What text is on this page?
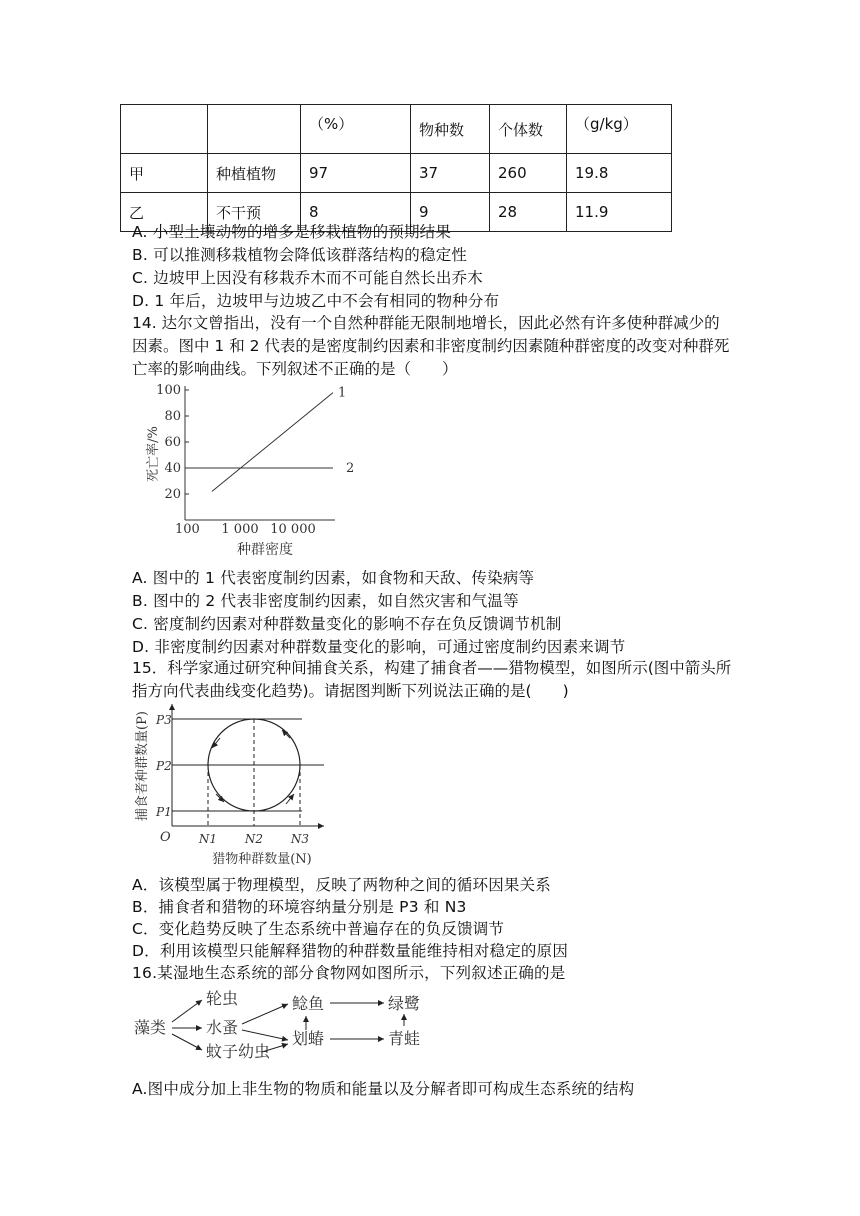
		（%）	物种数	个体数	（g/kg）
甲	种植植物	97	37	260	19.8
乙	不干预	8	9	28	11.9
A. 小型土壤动物的增多是移栽植物的预期结果
B. 可以推测移栽植物会降低该群落结构的稳定性
C. 边坡甲上因没有移栽乔木而不可能自然长出乔木
D. 1 年后，边坡甲与边坡乙中不会有相同的物种分布
14. 达尔文曾指出，没有一个自然种群能无限制地增长，因此必然有许多使种群减少的因素。图中 1 和 2 代表的是密度制约因素和非密度制约因素随种群密度的改变对种群死亡率的影响曲线。下列叙述不正确的是（　　）
20
40
60
80
100
死亡率/%
100 1 000 10 000
种群密度
1
2
A. 图中的 1 代表密度制约因素，如食物和天敌、传染病等
B. 图中的 2 代表非密度制约因素，如自然灾害和气温等
C. 密度制约因素对种群数量变化的影响不存在负反馈调节机制
D. 非密度制约因素对种群数量变化的影响，可通过密度制约因素来调节
15．科学家通过研究种间捕食关系，构建了捕食者——猎物模型，如图所示(图中箭头所指方向代表曲线变化趋势)。请据图判断下列说法正确的是(　　)
捕食者种群数量(P) P3
P2
P1
O N1 N2 N3
猎物种群数量(N)
A．该模型属于物理模型，反映了两物种之间的循环因果关系
B．捕食者和猎物的环境容纳量分别是 P3 和 N3
C．变化趋势反映了生态系统中普遍存在的负反馈调节
D．利用该模型只能解释猎物的种群数量能维持相对稳定的原因
16.某湿地生态系统的部分食物网如图所示，下列叙述正确的是
藻类
轮虫
水蚤
蚊子幼虫
鲶鱼
划蝽
绿鹭
青蛙
A.图中成分加上非生物的物质和能量以及分解者即可构成生态系统的结构
